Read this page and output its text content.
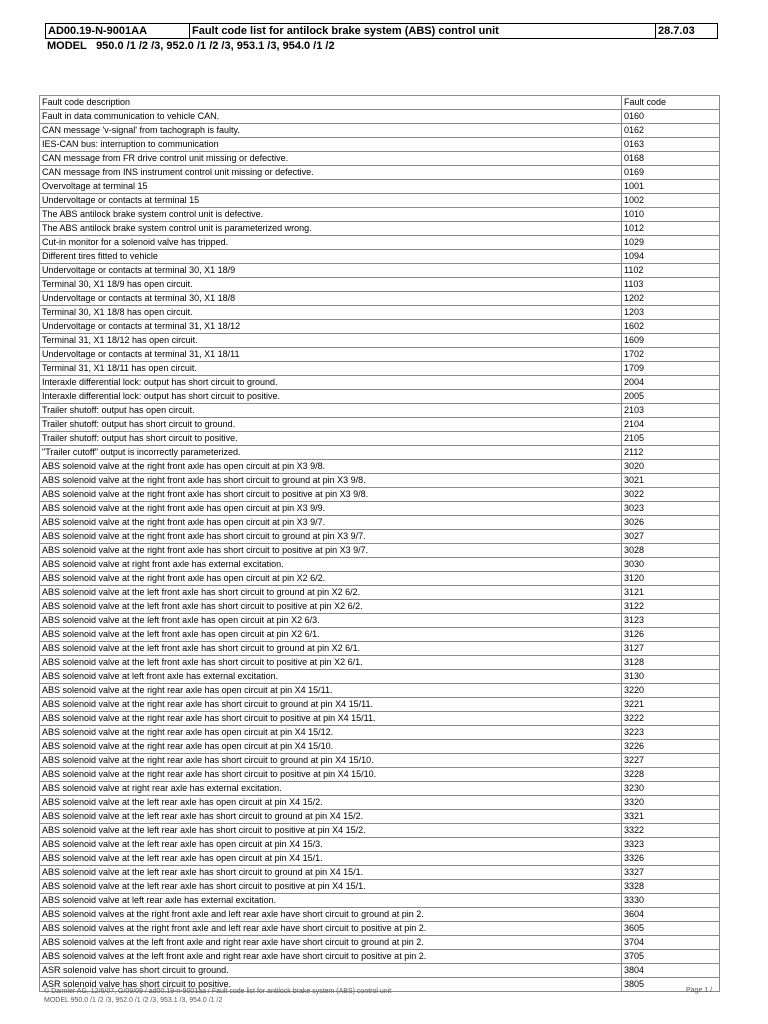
AD00.19-N-9001AA	Fault code list for antilock brake system (ABS) control unit	28.7.03
MODEL 950.0 /1 /2 /3, 952.0 /1 /2 /3, 953.1 /3, 954.0 /1 /2
Fault code description	Fault code
Fault in data communication to vehicle CAN.	0160
CAN message 'v-signal' from tachograph is faulty.	0162
IES-CAN bus: interruption to communication	0163
CAN message from FR drive control unit missing or defective.	0168
CAN message from INS instrument control unit missing or defective.	0169
Overvoltage at terminal 15	1001
Undervoltage or contacts at terminal 15	1002
The ABS antilock brake system control unit is defective.	1010
The ABS antilock brake system control unit is parameterized wrong.	1012
Cut-in monitor for a solenoid valve has tripped.	1029
Different tires fitted to vehicle	1094
Undervoltage or contacts at terminal 30, X1 18/9	1102
Terminal 30, X1 18/9 has open circuit.	1103
Undervoltage or contacts at terminal 30, X1 18/8	1202
Terminal 30, X1 18/8 has open circuit.	1203
Undervoltage or contacts at terminal 31, X1 18/12	1602
Terminal 31, X1 18/12 has open circuit.	1609
Undervoltage or contacts at terminal 31, X1 18/11	1702
Terminal 31, X1 18/11 has open circuit.	1709
Interaxle differential lock: output has short circuit to ground.	2004
Interaxle differential lock: output has short circuit to positive.	2005
Trailer shutoff: output has open circuit.	2103
Trailer shutoff: output has short circuit to ground.	2104
Trailer shutoff: output has short circuit to positive.	2105
"Trailer cutoff" output is incorrectly parameterized.	2112
ABS solenoid valve at the right front axle has open circuit at pin X3 9/8.	3020
ABS solenoid valve at the right front axle has short circuit to ground at pin X3 9/8.	3021
ABS solenoid valve at the right front axle has short circuit to positive at pin X3 9/8.	3022
ABS solenoid valve at the right front axle has open circuit at pin X3 9/9.	3023
ABS solenoid valve at the right front axle has open circuit at pin X3 9/7.	3026
ABS solenoid valve at the right front axle has short circuit to ground at pin X3 9/7.	3027
ABS solenoid valve at the right front axle has short circuit to positive at pin X3 9/7.	3028
ABS solenoid valve at right front axle has external excitation.	3030
ABS solenoid valve at the right front axle has open circuit at pin X2 6/2.	3120
ABS solenoid valve at the left front axle has short circuit to ground at pin X2 6/2.	3121
ABS solenoid valve at the left front axle has short circuit to positive at pin X2 6/2.	3122
ABS solenoid valve at the left front axle has open circuit at pin X2 6/3.	3123
ABS solenoid valve at the left front axle has open circuit at pin X2 6/1.	3126
ABS solenoid valve at the left front axle has short circuit to ground at pin X2 6/1.	3127
ABS solenoid valve at the left front axle has short circuit to positive at pin X2 6/1.	3128
ABS solenoid valve at left front axle has external excitation.	3130
ABS solenoid valve at the right rear axle has open circuit at pin X4 15/11.	3220
ABS solenoid valve at the right rear axle has short circuit to ground at pin X4 15/11.	3221
ABS solenoid valve at the right rear axle has short circuit to positive at pin X4 15/11.	3222
ABS solenoid valve at the right rear axle has open circuit at pin X4 15/12.	3223
ABS solenoid valve at the right rear axle has open circuit at pin X4 15/10.	3226
ABS solenoid valve at the right rear axle has short circuit to ground at pin X4 15/10.	3227
ABS solenoid valve at the right rear axle has short circuit to positive at pin X4 15/10.	3228
ABS solenoid valve at right rear axle has external excitation.	3230
ABS solenoid valve at the left rear axle has open circuit at pin X4 15/2.	3320
ABS solenoid valve at the left rear axle has short circuit to ground at pin X4 15/2.	3321
ABS solenoid valve at the left rear axle has short circuit to positive at pin X4 15/2.	3322
ABS solenoid valve at the left rear axle has open circuit at pin X4 15/3.	3323
ABS solenoid valve at the left rear axle has open circuit at pin X4 15/1.	3326
ABS solenoid valve at the left rear axle has short circuit to ground at pin X4 15/1.	3327
ABS solenoid valve at the left rear axle has short circuit to positive at pin X4 15/1.	3328
ABS solenoid valve at left rear axle has external excitation.	3330
ABS solenoid valves at the right front axle and left rear axle have short circuit to ground at pin 2.	3604
ABS solenoid valves at the right front axle and left rear axle have short circuit to positive at pin 2.	3605
ABS solenoid valves at the left front axle and right rear axle have short circuit to ground at pin 2.	3704
ABS solenoid valves at the left front axle and right rear axle have short circuit to positive at pin 2.	3705
ASR solenoid valve has short circuit to ground.	3804
ASR solenoid valve has short circuit to positive.	3805
© Daimler AG, 12/6/07, G/09/09 / ad00.19-n-9001aa / Fault code list for antilock brake system (ABS) control unit
MODEL 950.0 /1 /2 /3, 952.0 /1 /2 /3, 953.1 /3, 954.0 /1 /2
Page 1 /
